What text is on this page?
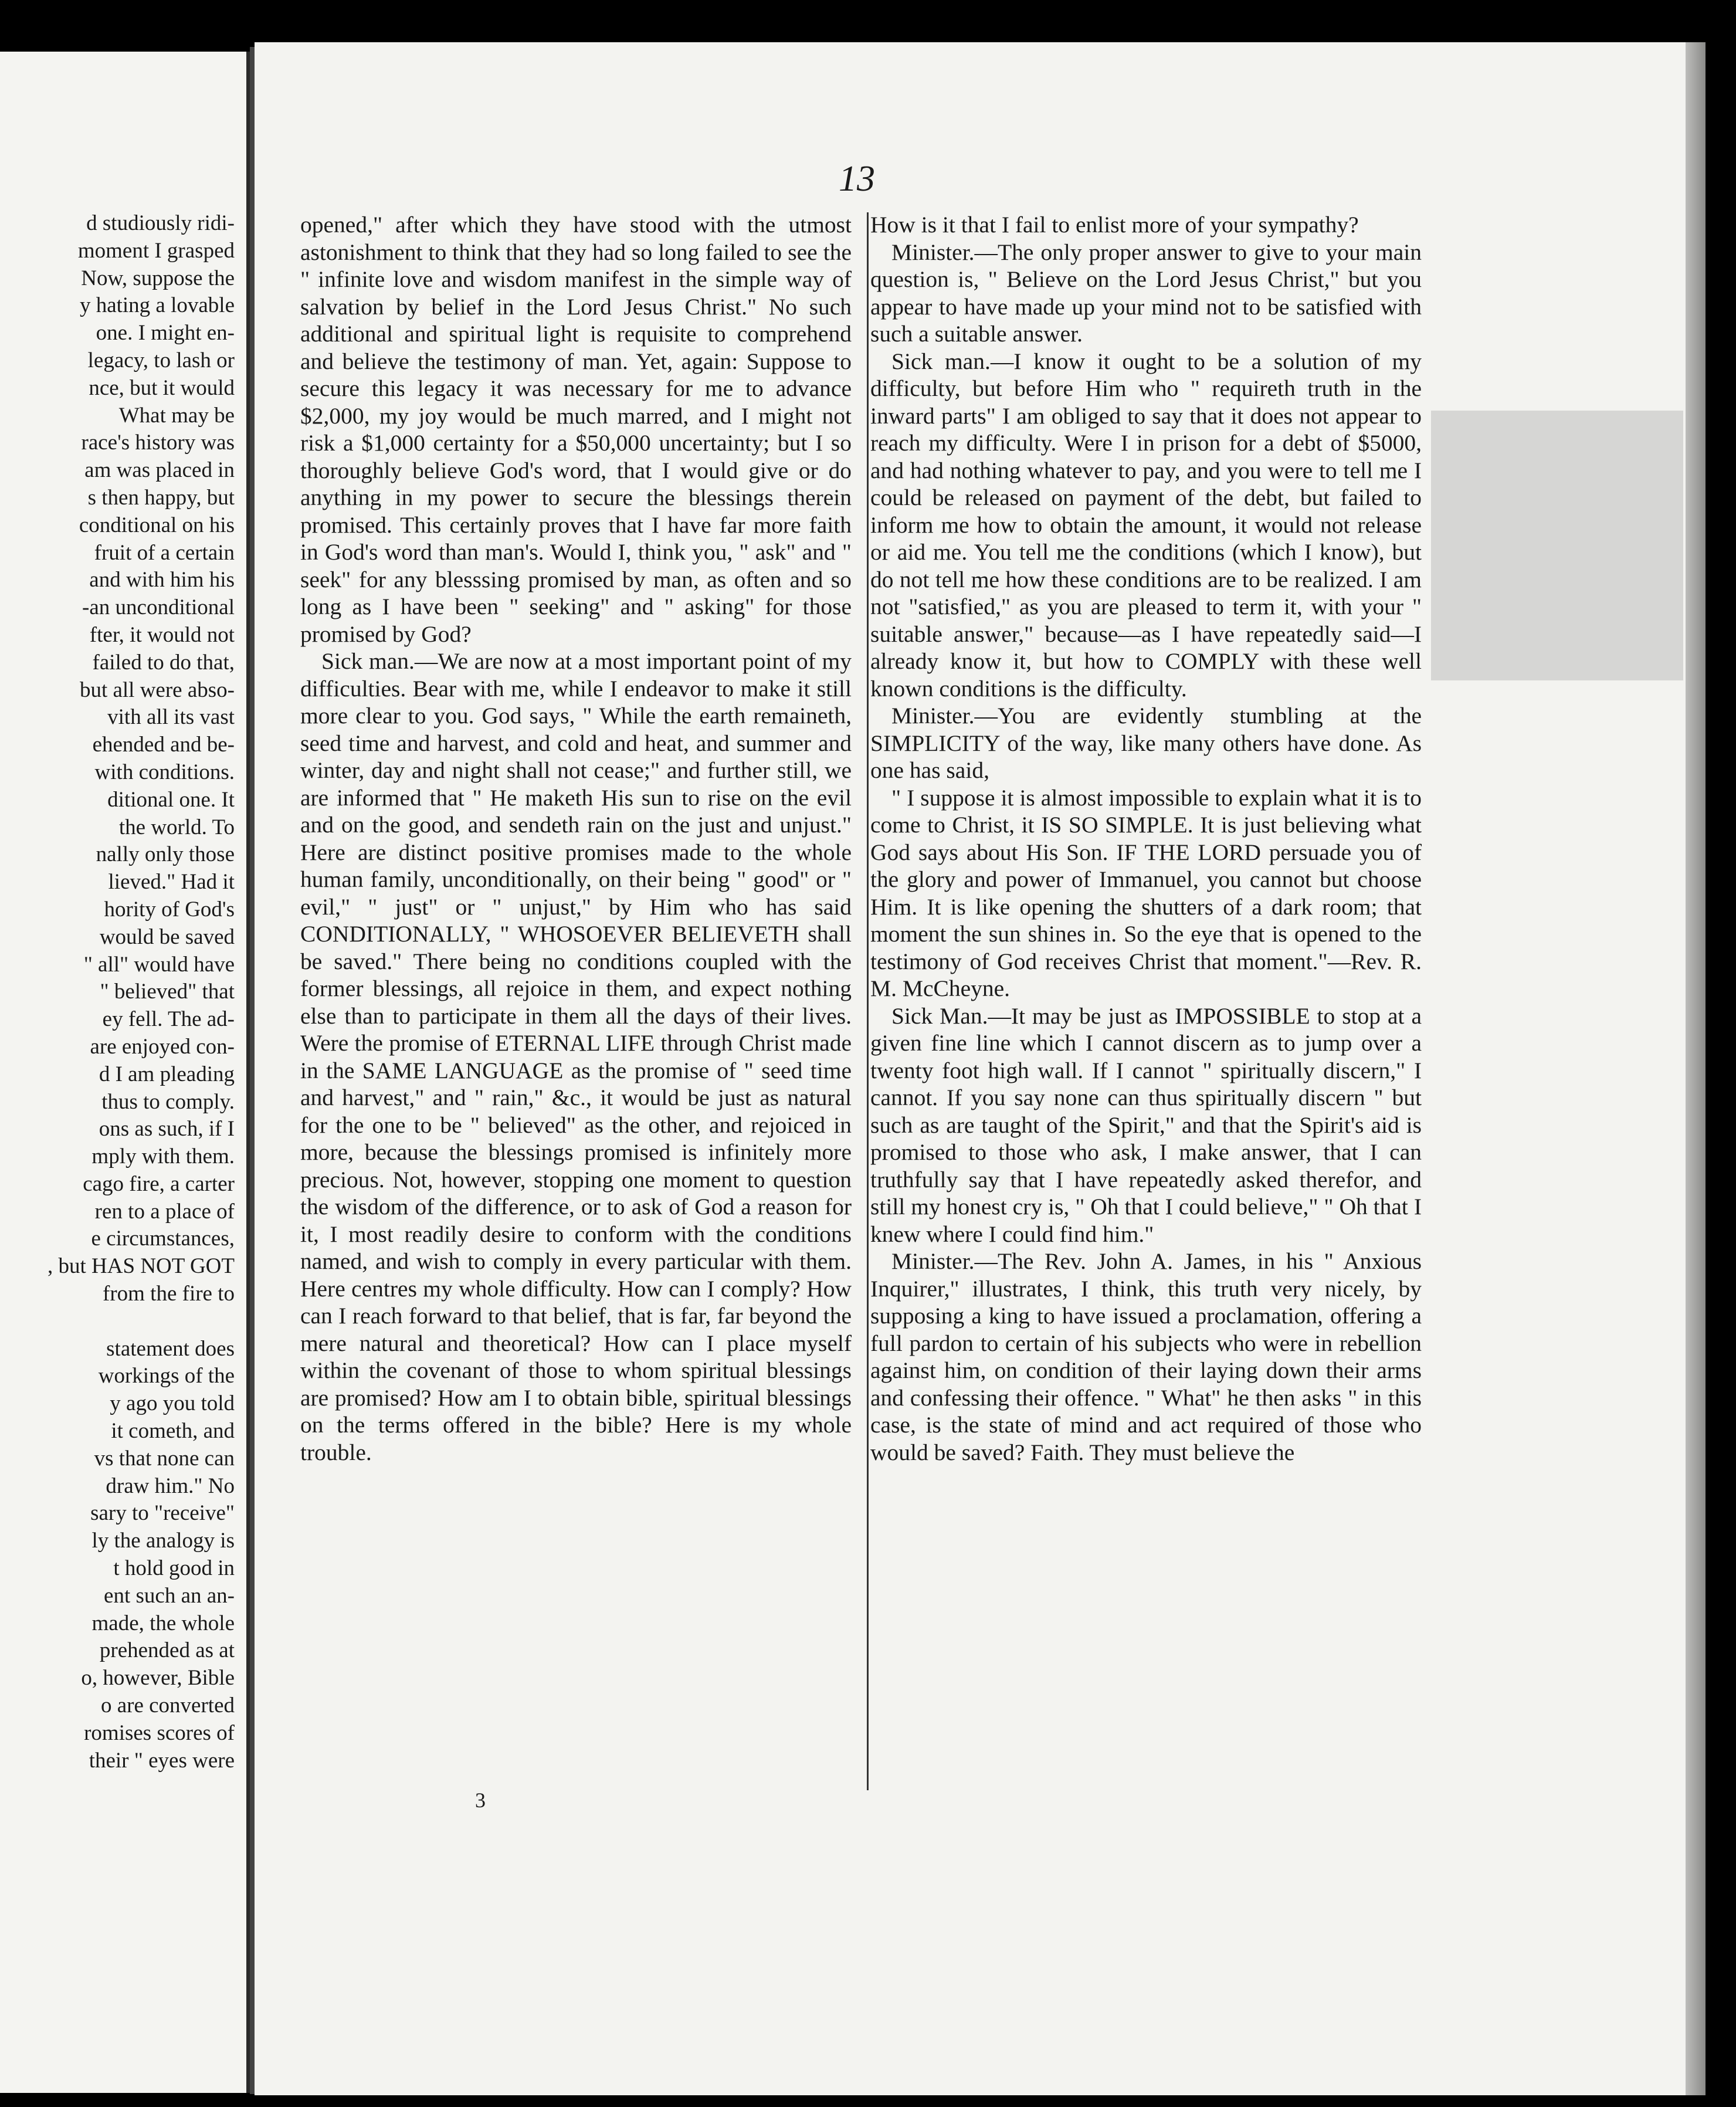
d studiously ridi-
moment I grasped
Now, suppose the
y hating a lovable
one. I might en-
legacy, to lash or
nce, but it would
What may be
race's history was
am was placed in
s then happy, but
conditional on his
fruit of a certain
and with him his
-an unconditional
fter, it would not
failed to do that,
but all were abso-
vith all its vast
ehended and be-
with conditions.
ditional one. It
the world. To
nally only those
lieved." Had it
hority of God's
would be saved
" all" would have
" believed" that
ey fell. The ad-
are enjoyed con-
d I am pleading
thus to comply.
ons as such, if I
mply with them.
cago fire, a carter
ren to a place of
e circumstances,
, but HAS NOT GOT
from the fire to
statement does
workings of the
y ago you told
it cometh, and
vs that none can
draw him." No
sary to "receive"
ly the analogy is
t hold good in
ent such an an-
made, the whole
prehended as at
o, however, Bible
o are converted
romises scores of
their " eyes were
13

opened," after which they have stood with the utmost astonishment to think that they had so long failed to see the " infinite love and wisdom manifest in the simple way of salvation by belief in the Lord Jesus Christ." No such additional and spiritual light is requisite to comprehend and believe the testimony of man. Yet, again: Suppose to secure this legacy it was necessary for me to advance $2,000, my joy would be much marred, and I might not risk a $1,000 certainty for a $50,000 uncertainty; but I so thoroughly believe God's word, that I would give or do anything in my power to secure the blessings therein promised. This certainly proves that I have far more faith in God's word than man's. Would I, think you, " ask" and " seek" for any blesssing promised by man, as often and so long as I have been " seeking" and " asking" for those promised by God?

Sick man.—We are now at a most important point of my difficulties. Bear with me, while I endeavor to make it still more clear to you. God says, " While the earth remaineth, seed time and harvest, and cold and heat, and summer and winter, day and night shall not cease;" and further still, we are informed that " He maketh His sun to rise on the evil and on the good, and sendeth rain on the just and unjust." Here are distinct positive promises made to the whole human family, unconditionally, on their being " good" or " evil," " just" or " unjust," by Him who has said CONDITIONALLY, " WHOSOEVER BELIEVETH shall be saved." There being no conditions coupled with the former blessings, all rejoice in them, and expect nothing else than to participate in them all the days of their lives. Were the promise of ETERNAL LIFE through Christ made in the SAME LANGUAGE as the promise of " seed time and harvest," and " rain," &c., it would be just as natural for the one to be " believed" as the other, and rejoiced in more, because the blessings promised is infinitely more precious. Not, however, stopping one moment to question the wisdom of the difference, or to ask of God a reason for it, I most readily desire to conform with the conditions named, and wish to comply in every particular with them. Here centres my whole difficulty. How can I comply? How can I reach forward to that belief, that is far, far beyond the mere natural and theoretical? How can I place myself within the covenant of those to whom spiritual blessings are promised? How am I to obtain bible, spiritual blessings on the terms offered in the bible? Here is my whole trouble.

How is it that I fail to enlist more of your sympathy?

Minister.—The only proper answer to give to your main question is, " Believe on the Lord Jesus Christ," but you appear to have made up your mind not to be satisfied with such a suitable answer.

Sick man.—I know it ought to be a solution of my difficulty, but before Him who " requireth truth in the inward parts" I am obliged to say that it does not appear to reach my difficulty. Were I in prison for a debt of $5000, and had nothing whatever to pay, and you were to tell me I could be released on payment of the debt, but failed to inform me how to obtain the amount, it would not release or aid me. You tell me the conditions (which I know), but do not tell me how these conditions are to be realized. I am not "satisfied," as you are pleased to term it, with your " suitable answer," because—as I have repeatedly said—I already know it, but how to COMPLY with these well known conditions is the difficulty.

Minister.—You are evidently stumbling at the SIMPLICITY of the way, like many others have done. As one has said,

" I suppose it is almost impossible to explain what it is to come to Christ, it IS SO SIMPLE. It is just believing what God says about His Son. IF THE LORD persuade you of the glory and power of Immanuel, you cannot but choose Him. It is like opening the shutters of a dark room; that moment the sun shines in. So the eye that is opened to the testimony of God receives Christ that moment."—Rev. R. M. McCheyne.

Sick Man.—It may be just as IMPOSSIBLE to stop at a given fine line which I cannot discern as to jump over a twenty foot high wall. If I cannot " spiritually discern," I cannot. If you say none can thus spiritually discern " but such as are taught of the Spirit," and that the Spirit's aid is promised to those who ask, I make answer, that I can truthfully say that I have repeatedly asked therefor, and still my honest cry is, " Oh that I could believe," " Oh that I knew where I could find him."

Minister.—The Rev. John A. James, in his " Anxious Inquirer," illustrates, I think, this truth very nicely, by supposing a king to have issued a proclamation, offering a full pardon to certain of his subjects who were in rebellion against him, on condition of their laying down their arms and confessing their offence. " What" he then asks " in this case, is the state of mind and act required of those who would be saved? Faith. They must believe the

3
